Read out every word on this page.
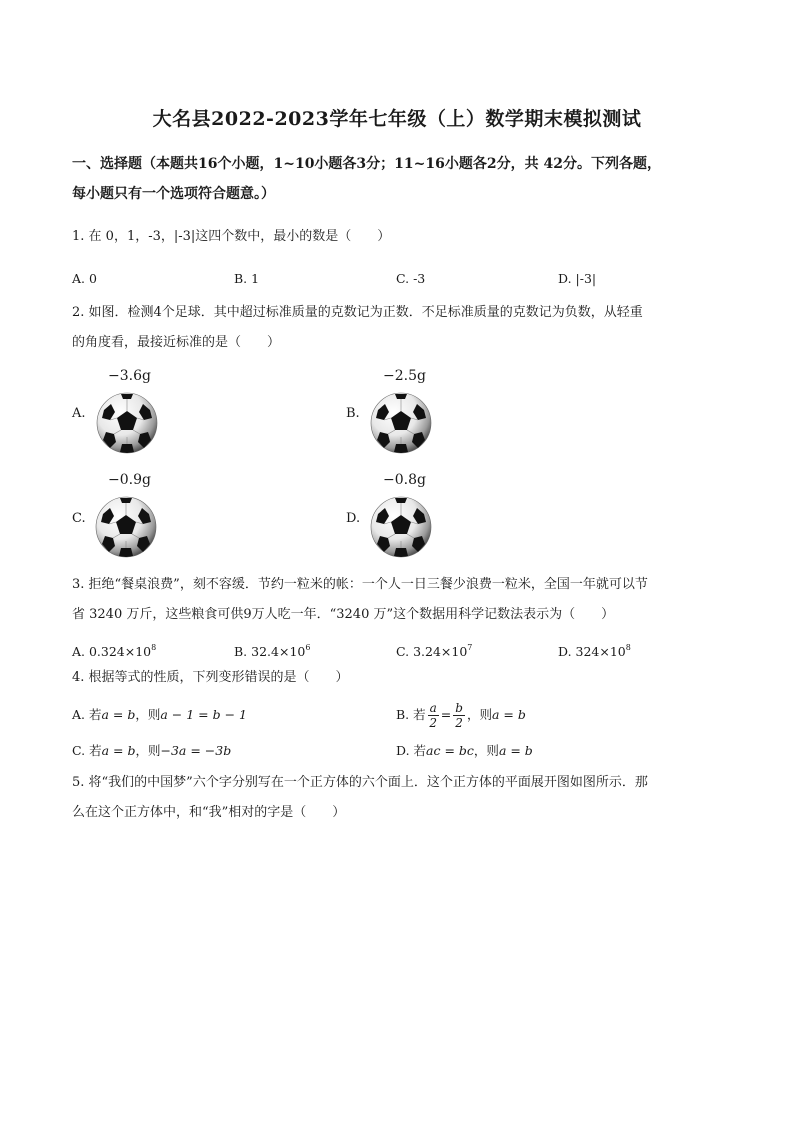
大名县2022-2023学年七年级（上）数学期末模拟测试
一、选择题（本题共16个小题，1~10小题各3分；11~16小题各2分，共 42分。下列各题，
每小题只有一个选项符合题意。）
1. 在 0，1，-3，|-3|这四个数中，最小的数是（　　）
A. 0	B. 1	C. -3	D. |-3|
2. 如图．检测4个足球．其中超过标准质量的克数记为正数．不足标准质量的克数记为负数，从轻重
的角度看，最接近标准的是（　　）
−3.6g
A.
−2.5g
B.
−0.9g
C.
−0.8g
D.
3. 拒绝“餐桌浪费”，刻不容缓．节约一粒米的帐：一个人一日三餐少浪费一粒米，全国一年就可以节
省 3240 万斤，这些粮食可供9万人吃一年．“3240 万”这个数据用科学记数法表示为（　　）
A. $0.324\times 10^8$	B. $32.4\times 10^6$	C. $3.24\times 10^7$	D. $324\times 10^8$
4. 根据等式的性质，下列变形错误的是（　　）
A. 若a = b，则a − 1 = b − 1	B. 若 $\frac{a}{2} = \frac{b}{2}$ ，则a = b
C. 若a = b，则−3a = −3b	D. 若ac = bc，则a = b
5. 将“我们的中国梦”六个字分别写在一个正方体的六个面上．这个正方体的平面展开图如图所示．那
么在这个正方体中，和“我”相对的字是（　　）
